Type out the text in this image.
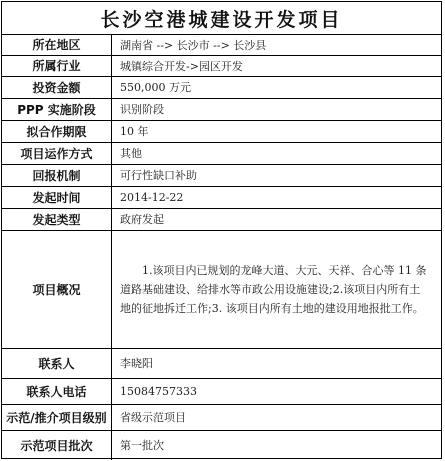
长沙空港城建设开发项目
所在地区	湖南省 --> 长沙市 --> 长沙县
所属行业	城镇综合开发->园区开发
投资金额	550,000 万元
PPP 实施阶段	识别阶段
拟合作期限	10 年
项目运作方式	其他
回报机制	可行性缺口补助
发起时间	2014-12-22
发起类型	政府发起
项目概况	1.该项目内已规划的龙峰大道、大元、天祥、合心等 11 条道路基础建设、给排水等市政公用设施建设;2.该项目内所有土地的征地拆迁工作;3. 该项目内所有土地的建设用地报批工作。

联系人	李晓阳
联系人电话	15084757333
示范/推介项目级别	省级示范项目
示范项目批次	第一批次
